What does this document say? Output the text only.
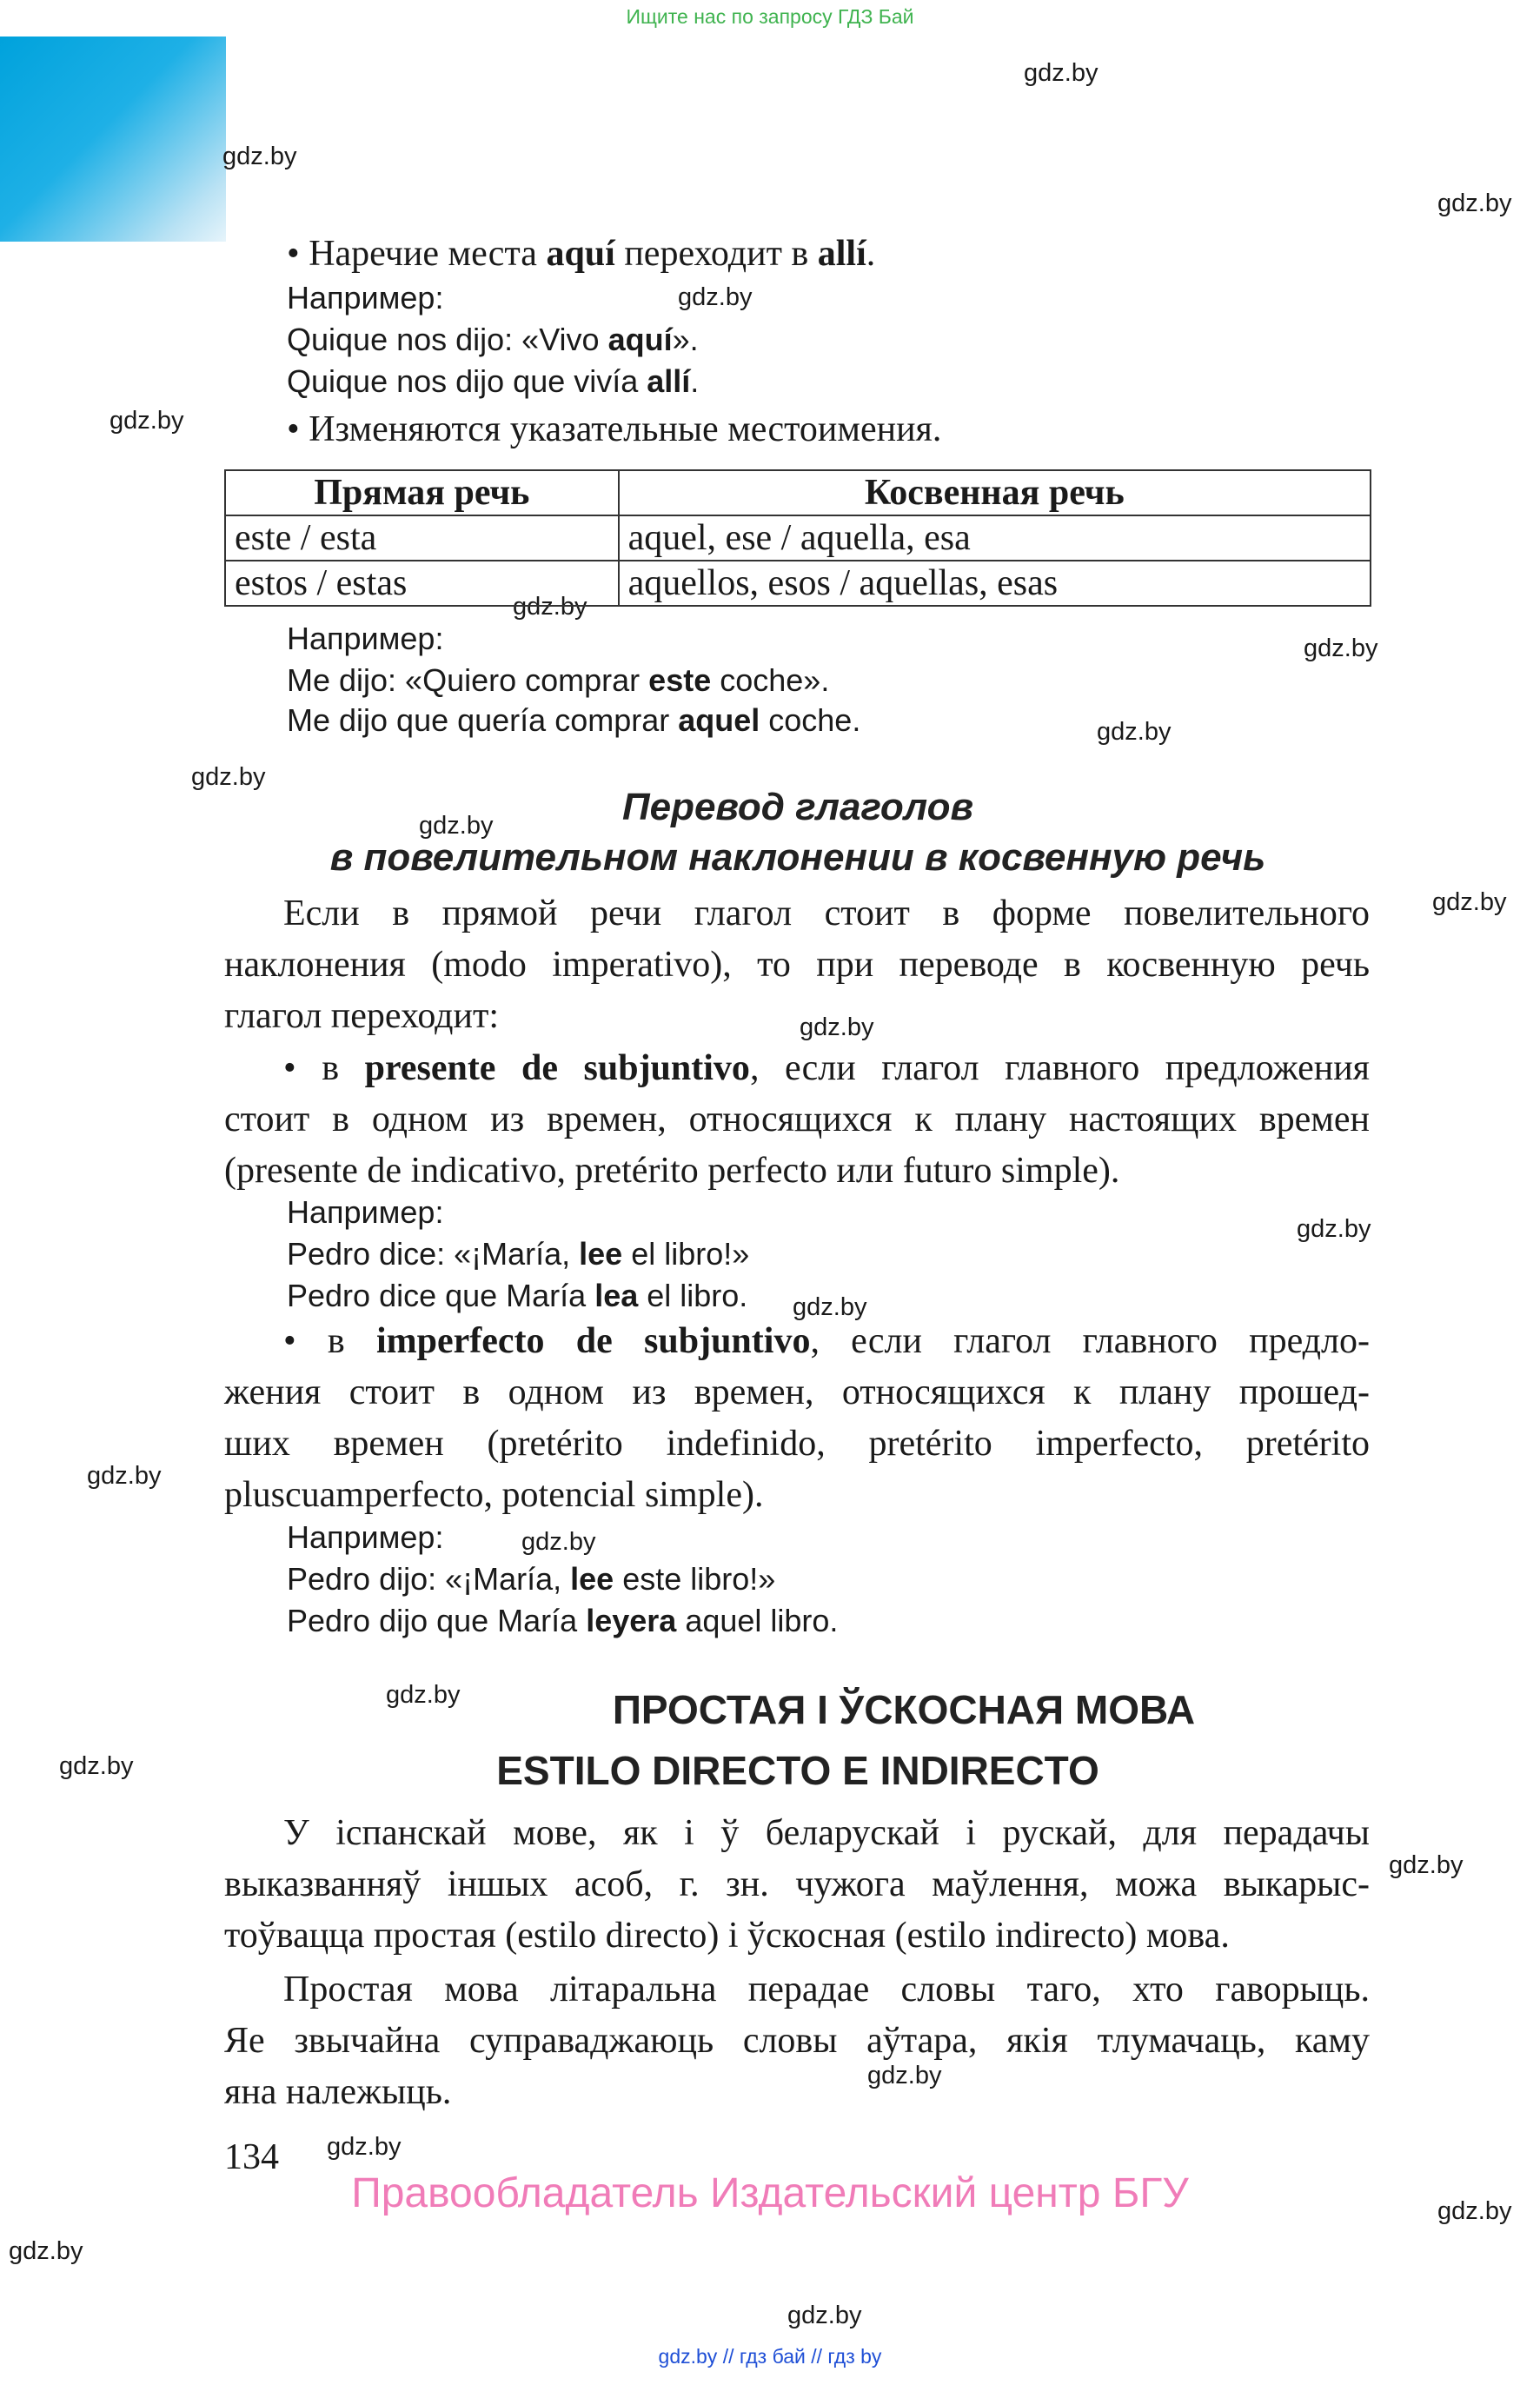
Ищите нас по запросу ГДЗ Бай
gdz.by
gdz.by
gdz.by
gdz.by
gdz.by
gdz.by
gdz.by
gdz.by
gdz.by
gdz.by
gdz.by
gdz.by
gdz.by
gdz.by
gdz.by
gdz.by
gdz.by
gdz.by
gdz.by
gdz.by
gdz.by
gdz.by
gdz.by
gdz.by
• Наречие места aquí переходит в allí.
Например:
Quique nos dijo: «Vivo aquí».
Quique nos dijo que vivía allí.
• Изменяются указательные местоимения.
Прямая речь	Косвенная речь
este / esta	aquel, ese / aquella, esa
estos / estas	aquellos, esos / aquellas, esas
Например:
Me dijo: «Quiero comprar este coche».
Me dijo que quería comprar aquel coche.
Перевод глаголов
в повелительном наклонении в косвенную речь
Если в прямой речи глагол стоит в форме повелительного
наклонения (modo imperativo), то при переводе в косвенную речь
глагол переходит:
• в presente de subjuntivo, если глагол главного предложения
стоит в одном из времен, относящихся к плану настоящих времен
(presente de indicativo, pretérito perfecto или futuro simple).
Например:
Pedro dice: «¡María, lee el libro!»
Pedro dice que María lea el libro.
• в imperfecto de subjuntivo, если глагол главного предло-
жения стоит в одном из времен, относящихся к плану прошед-
ших времен (pretérito indefinido, pretérito imperfecto, pretérito
pluscuamperfecto, potencial simple).
Например:
Pedro dijo: «¡María, lee este libro!»
Pedro dijo que María leyera aquel libro.
ПРОСТАЯ І ЎСКОСНАЯ МОВА
ESTILO DIRECTO E INDIRECTO
У іспанскай мове, як і ў беларускай і рускай, для перадачы
выказванняў іншых асоб, г. зн. чужога маўлення, можа выкарыс-
тоўвацца простая (estilo directo) і ўскосная (estilo indirecto) мова.
Простая мова літаральна перадае словы таго, хто гаворыць.
Яе звычайна суправаджаюць словы аўтара, якія тлумачаць, каму
яна належыць.
134
Правообладатель Издательский центр БГУ
gdz.by // гдз бай // гдз by
